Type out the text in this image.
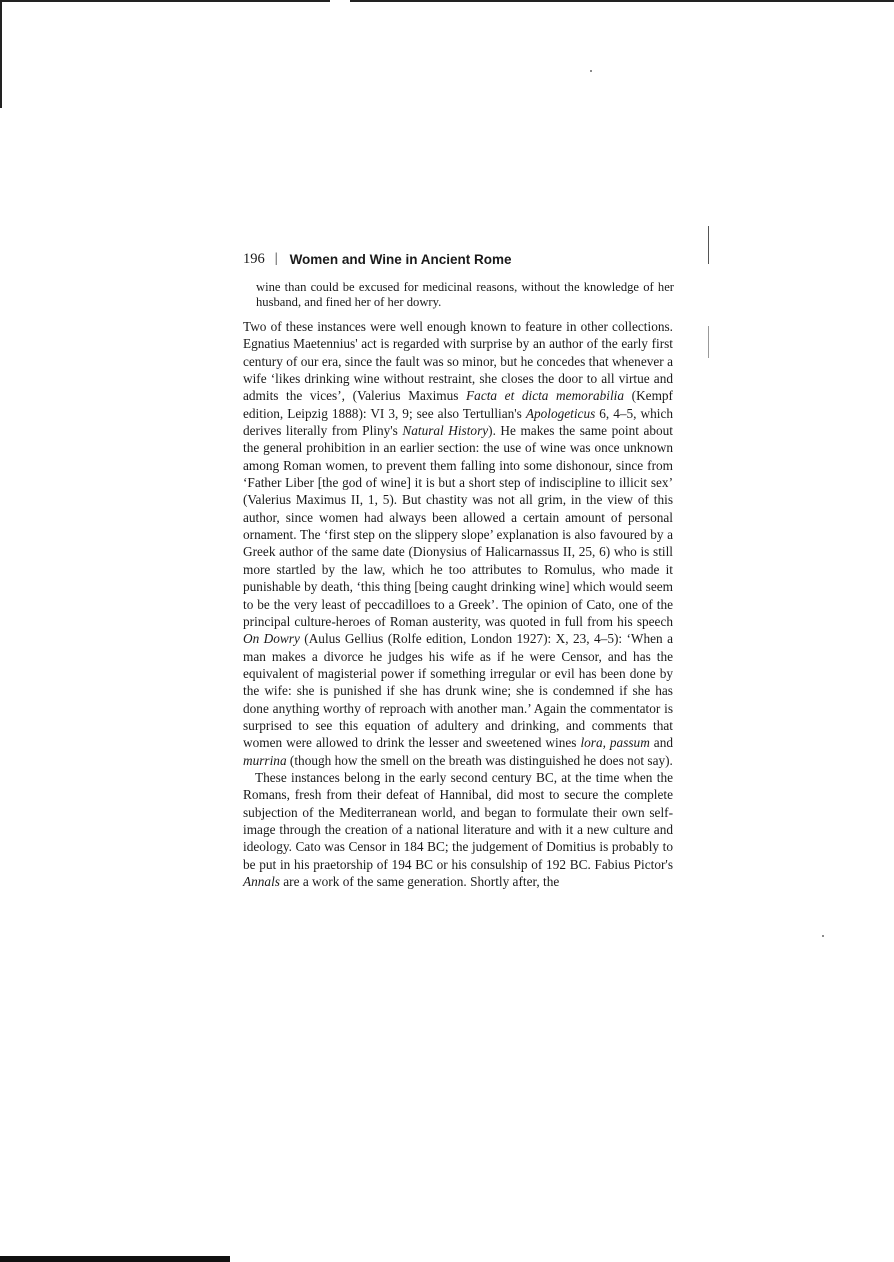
196 | Women and Wine in Ancient Rome

wine than could be excused for medicinal reasons, without the knowledge of her husband, and fined her of her dowry.

Two of these instances were well enough known to feature in other collections. Egnatius Maetennius' act is regarded with surprise by an author of the early first century of our era, since the fault was so minor, but he concedes that whenever a wife ‘likes drinking wine without restraint, she closes the door to all virtue and admits the vices’, (Valerius Maximus Facta et dicta memorabilia (Kempf edition, Leipzig 1888): VI 3, 9; see also Tertullian's Apologeticus 6, 4–5, which derives literally from Pliny's Natural History). He makes the same point about the general prohibition in an earlier section: the use of wine was once unknown among Roman women, to prevent them falling into some dishonour, since from ‘Father Liber [the god of wine] it is but a short step of indiscipline to illicit sex’ (Valerius Maximus II, 1, 5). But chastity was not all grim, in the view of this author, since women had always been allowed a certain amount of personal ornament. The ‘first step on the slippery slope’ explanation is also favoured by a Greek author of the same date (Dionysius of Halicarnassus II, 25, 6) who is still more startled by the law, which he too attributes to Romulus, who made it punishable by death, ‘this thing [being caught drinking wine] which would seem to be the very least of peccadilloes to a Greek’. The opinion of Cato, one of the principal culture-heroes of Roman austerity, was quoted in full from his speech On Dowry (Aulus Gellius (Rolfe edition, London 1927): X, 23, 4–5): ‘When a man makes a divorce he judges his wife as if he were Censor, and has the equivalent of magisterial power if something irregular or evil has been done by the wife: she is punished if she has drunk wine; she is condemned if she has done anything worthy of reproach with another man.’ Again the commentator is surprised to see this equation of adultery and drinking, and comments that women were allowed to drink the lesser and sweetened wines lora, passum and murrina (though how the smell on the breath was distinguished he does not say).

These instances belong in the early second century BC, at the time when the Romans, fresh from their defeat of Hannibal, did most to secure the complete subjection of the Mediterranean world, and began to formulate their own self-image through the creation of a national literature and with it a new culture and ideology. Cato was Censor in 184 BC; the judgement of Domitius is probably to be put in his praetorship of 194 BC or his consulship of 192 BC. Fabius Pictor's Annals are a work of the same generation. Shortly after, the
